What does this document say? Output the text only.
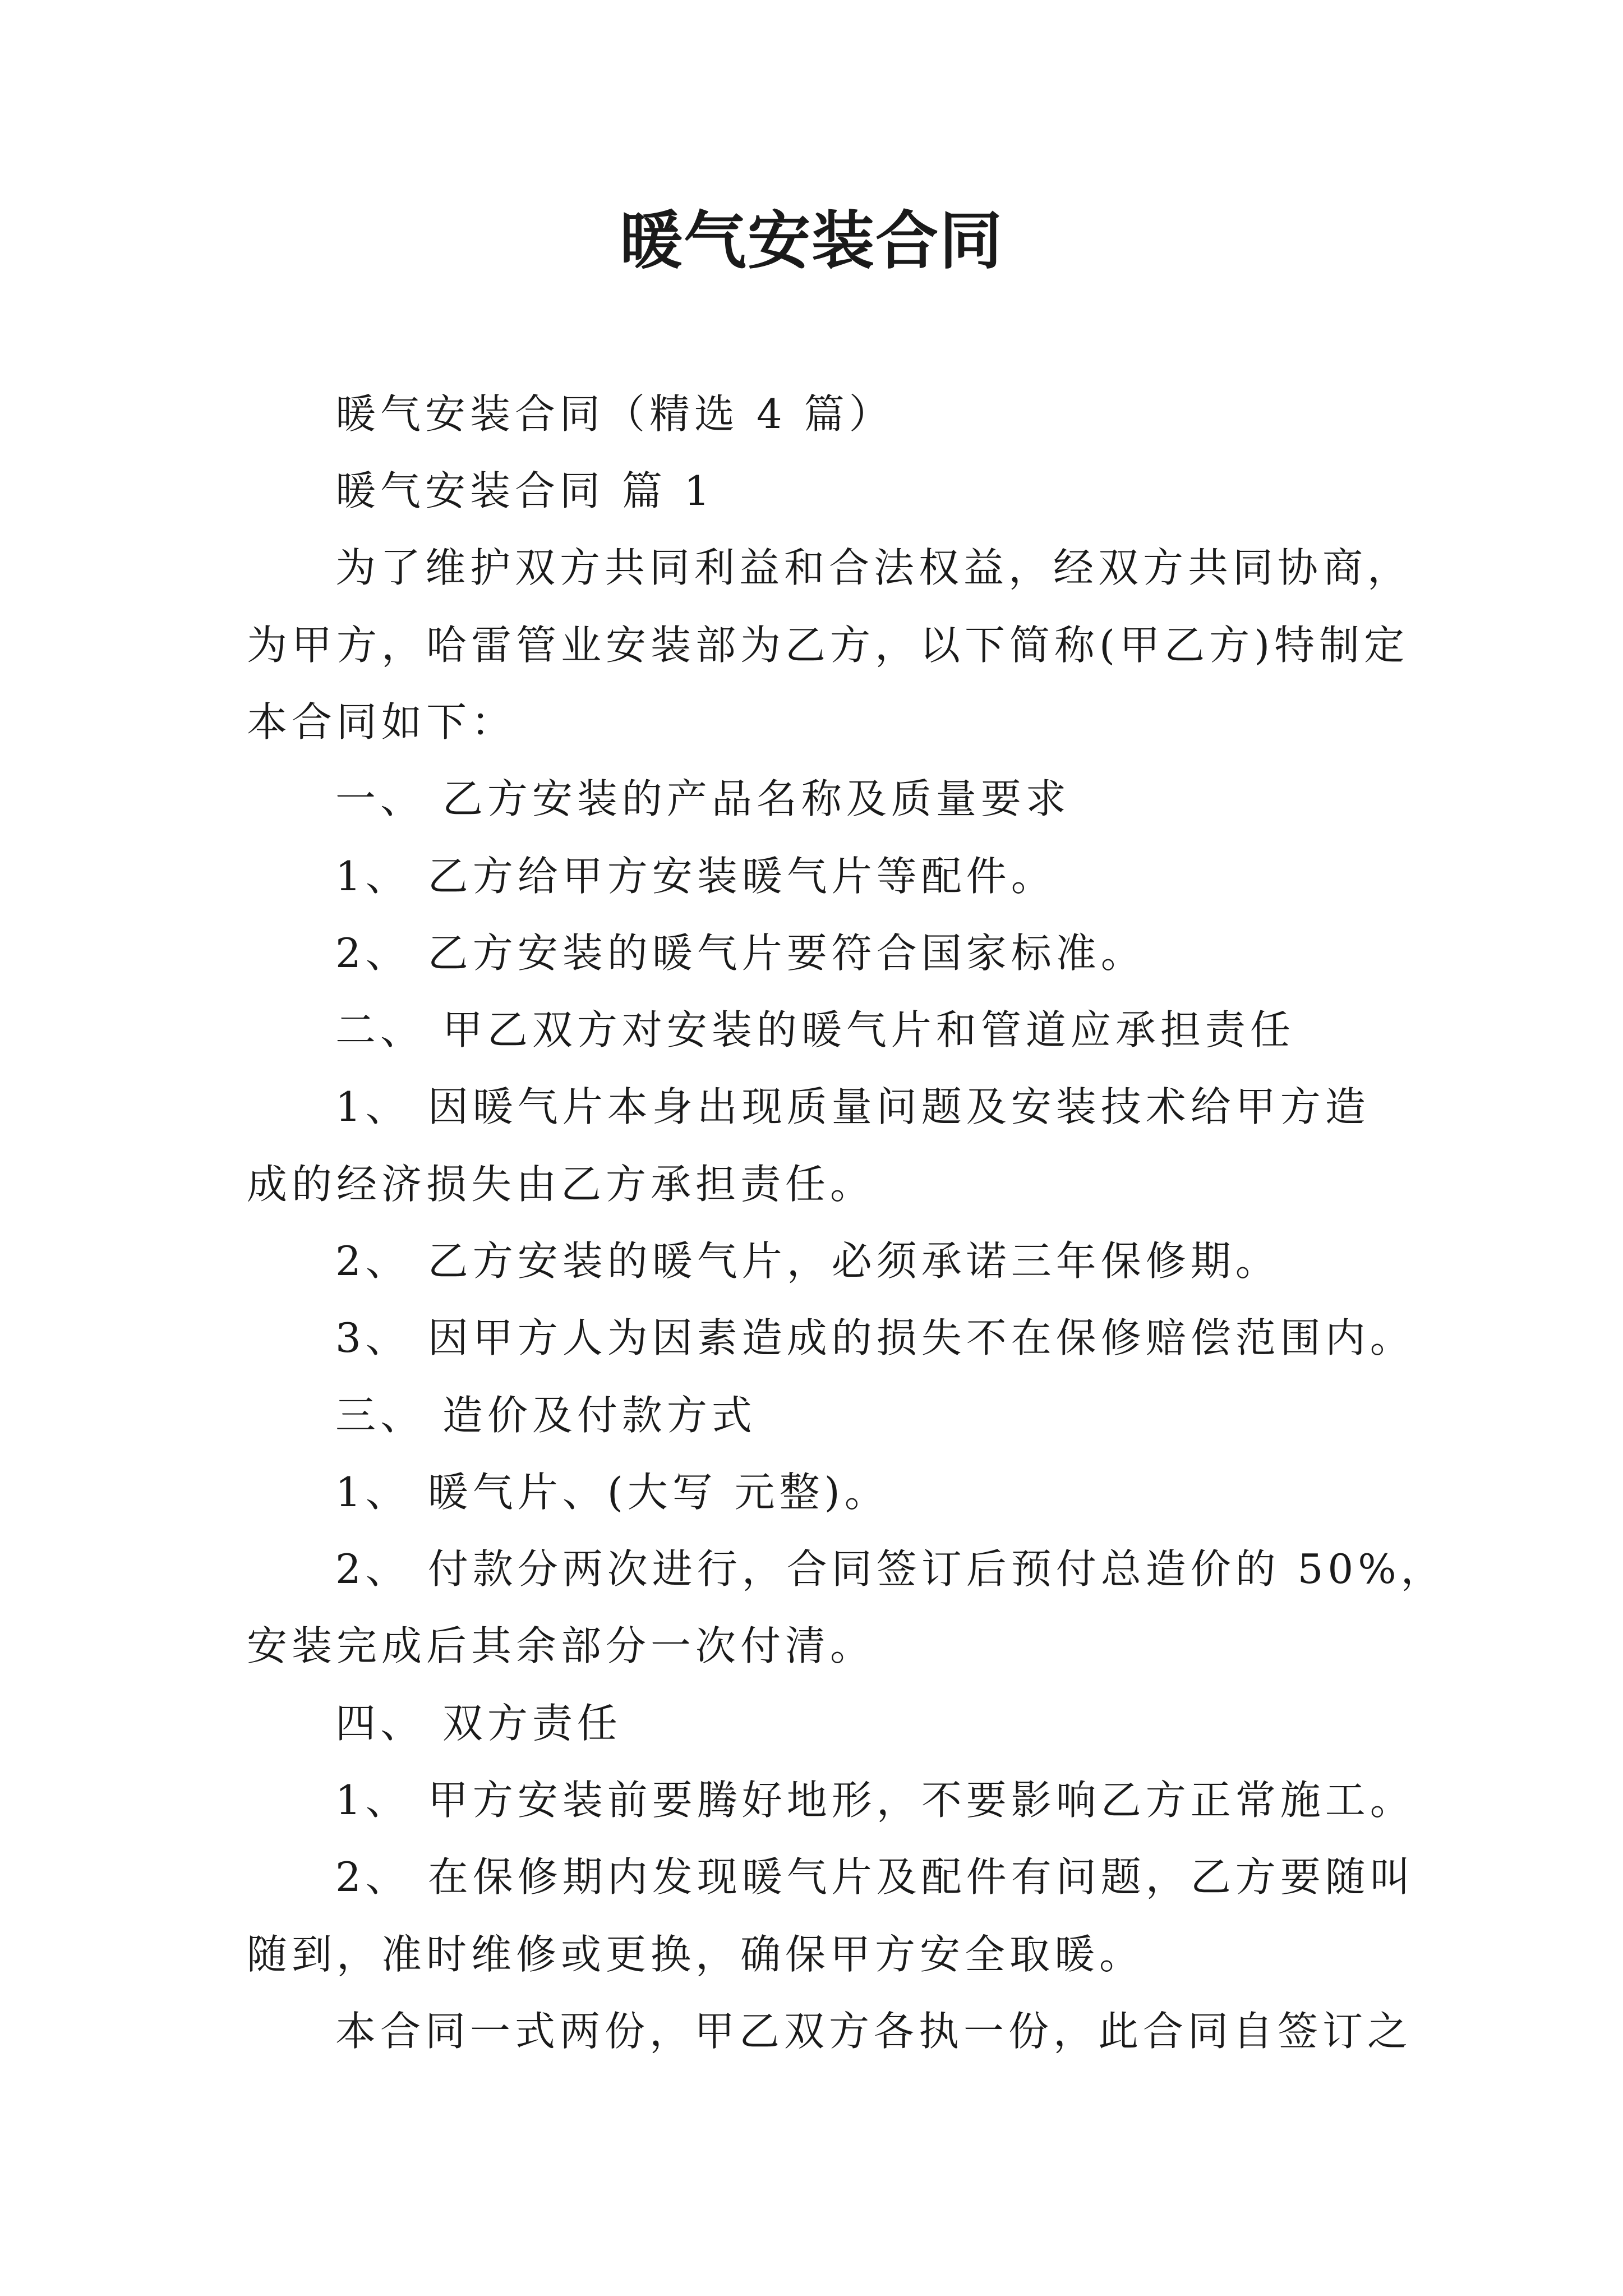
暖气安装合同

暖气安装合同（精选 4 篇）

暖气安装合同 篇 1

为了维护双方共同利益和合法权益，经双方共同协商，

为甲方，哈雷管业安装部为乙方，以下简称(甲乙方)特制定

本合同如下：

一、 乙方安装的产品名称及质量要求

1、 乙方给甲方安装暖气片等配件。

2、 乙方安装的暖气片要符合国家标准。

二、 甲乙双方对安装的暖气片和管道应承担责任

1、 因暖气片本身出现质量问题及安装技术给甲方造

成的经济损失由乙方承担责任。

2、 乙方安装的暖气片，必须承诺三年保修期。

3、 因甲方人为因素造成的损失不在保修赔偿范围内。

三、 造价及付款方式

1、 暖气片、(大写 元整)。

2、 付款分两次进行，合同签订后预付总造价的 50%，

安装完成后其余部分一次付清。

四、 双方责任

1、 甲方安装前要腾好地形，不要影响乙方正常施工。

2、 在保修期内发现暖气片及配件有问题，乙方要随叫

随到，准时维修或更换，确保甲方安全取暖。

本合同一式两份，甲乙双方各执一份，此合同自签订之
